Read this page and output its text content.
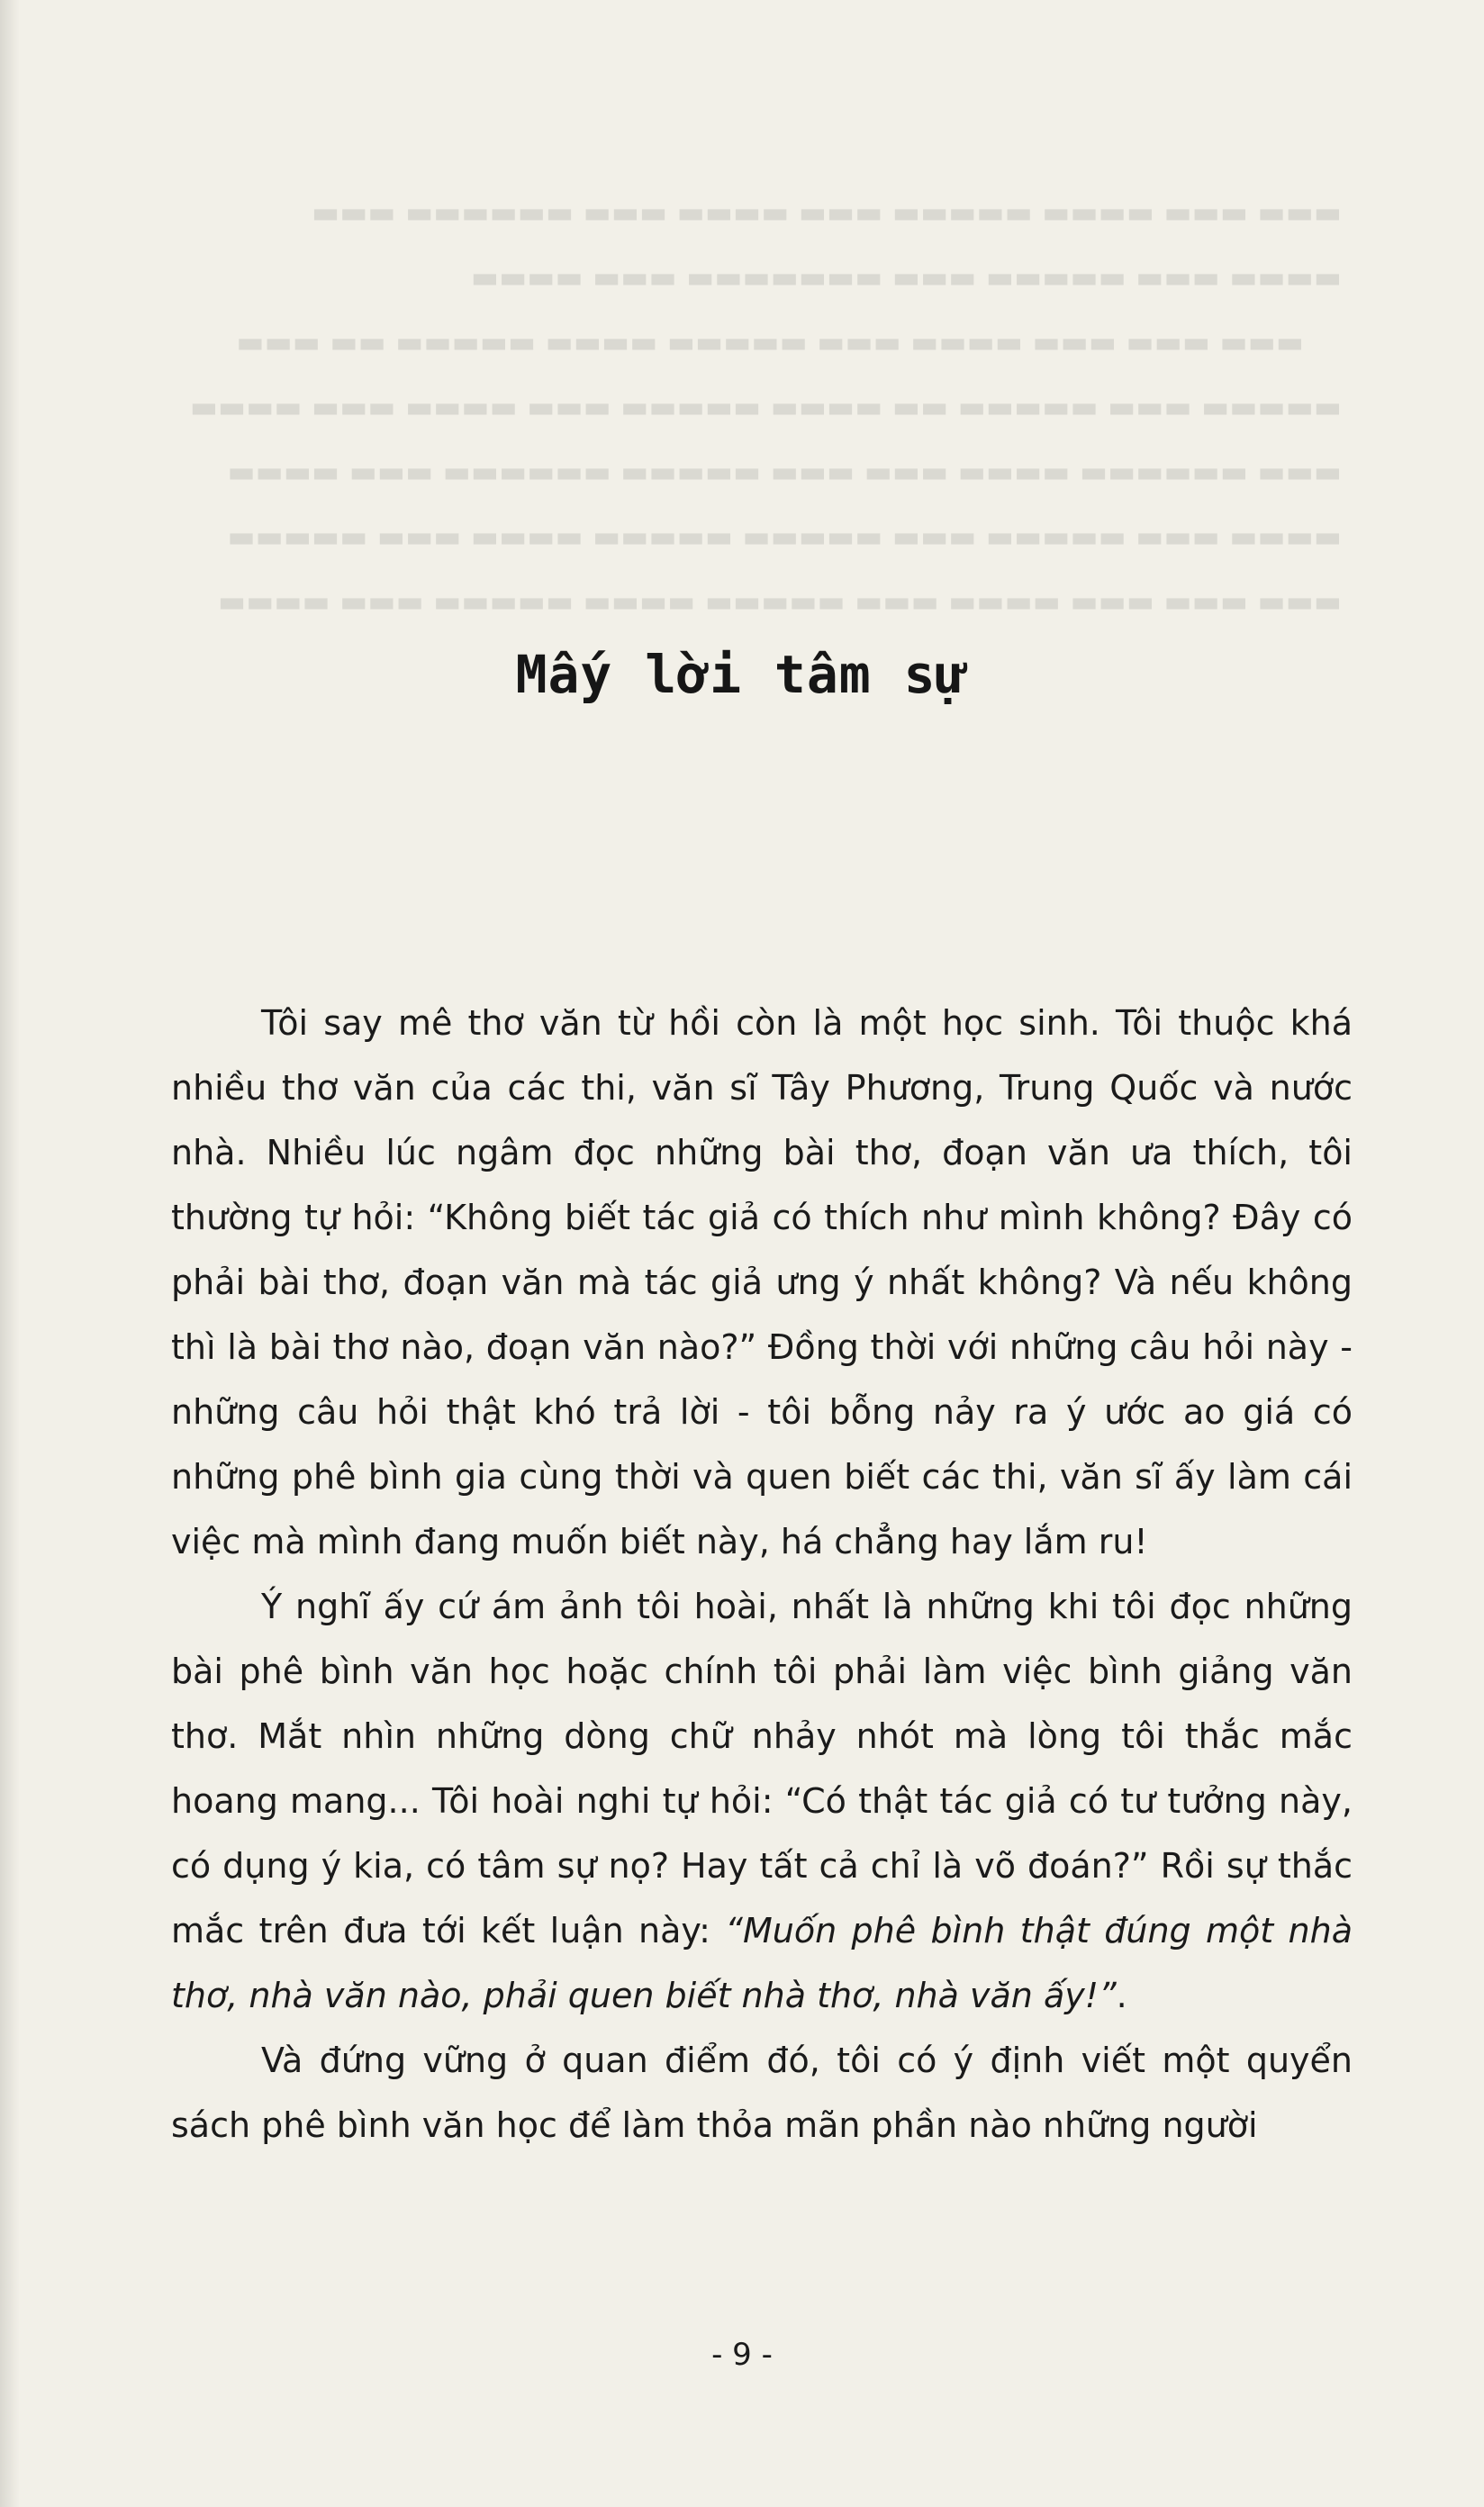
▬▬▬ ▬▬▬ ▬▬▬▬ ▬▬▬▬▬ ▬▬▬ ▬▬▬▬ ▬▬▬ ▬▬▬▬▬▬ ▬▬▬
▬▬▬▬ ▬▬▬ ▬▬▬▬▬ ▬▬▬ ▬▬▬▬▬▬▬ ▬▬▬ ▬▬▬▬
▬▬▬ ▬▬▬ ▬▬▬ ▬▬▬▬ ▬▬▬ ▬▬▬▬▬ ▬▬▬▬ ▬▬▬▬▬ ▬▬ ▬▬▬
▬▬▬▬▬ ▬▬▬ ▬▬▬▬▬ ▬▬ ▬▬▬▬ ▬▬▬▬▬ ▬▬▬ ▬▬▬▬ ▬▬▬ ▬▬▬▬
▬▬▬ ▬▬▬▬▬▬ ▬▬▬▬ ▬▬▬ ▬▬▬ ▬▬▬▬▬ ▬▬▬▬▬▬ ▬▬▬ ▬▬▬▬
▬▬▬▬ ▬▬▬ ▬▬▬▬▬ ▬▬▬ ▬▬▬▬▬ ▬▬▬▬▬ ▬▬▬▬ ▬▬▬ ▬▬▬▬▬
▬▬▬ ▬▬▬ ▬▬▬ ▬▬▬▬ ▬▬▬ ▬▬▬▬▬ ▬▬▬▬ ▬▬▬▬▬ ▬▬▬ ▬▬▬▬
Mấy lời tâm sự

Tôi say mê thơ văn từ hồi còn là một học sinh. Tôi thuộc khá nhiều thơ văn của các thi, văn sĩ Tây Phương, Trung Quốc và nước nhà. Nhiều lúc ngâm đọc những bài thơ, đoạn văn ưa thích, tôi thường tự hỏi: “Không biết tác giả có thích như mình không? Đây có phải bài thơ, đoạn văn mà tác giả ưng ý nhất không? Và nếu không thì là bài thơ nào, đoạn văn nào?” Đồng thời với những câu hỏi này - những câu hỏi thật khó trả lời - tôi bỗng nảy ra ý ước ao giá có những phê bình gia cùng thời và quen biết các thi, văn sĩ ấy làm cái việc mà mình đang muốn biết này, há chẳng hay lắm ru!

Ý nghĩ ấy cứ ám ảnh tôi hoài, nhất là những khi tôi đọc những bài phê bình văn học hoặc chính tôi phải làm việc bình giảng văn thơ. Mắt nhìn những dòng chữ nhảy nhót mà lòng tôi thắc mắc hoang mang... Tôi hoài nghi tự hỏi: “Có thật tác giả có tư tưởng này, có dụng ý kia, có tâm sự nọ? Hay tất cả chỉ là võ đoán?” Rồi sự thắc mắc trên đưa tới kết luận này: “Muốn phê bình thật đúng một nhà thơ, nhà văn nào, phải quen biết nhà thơ, nhà văn ấy!”.

Và đứng vững ở quan điểm đó, tôi có ý định viết một quyển sách phê bình văn học để làm thỏa mãn phần nào những người

- 9 -
